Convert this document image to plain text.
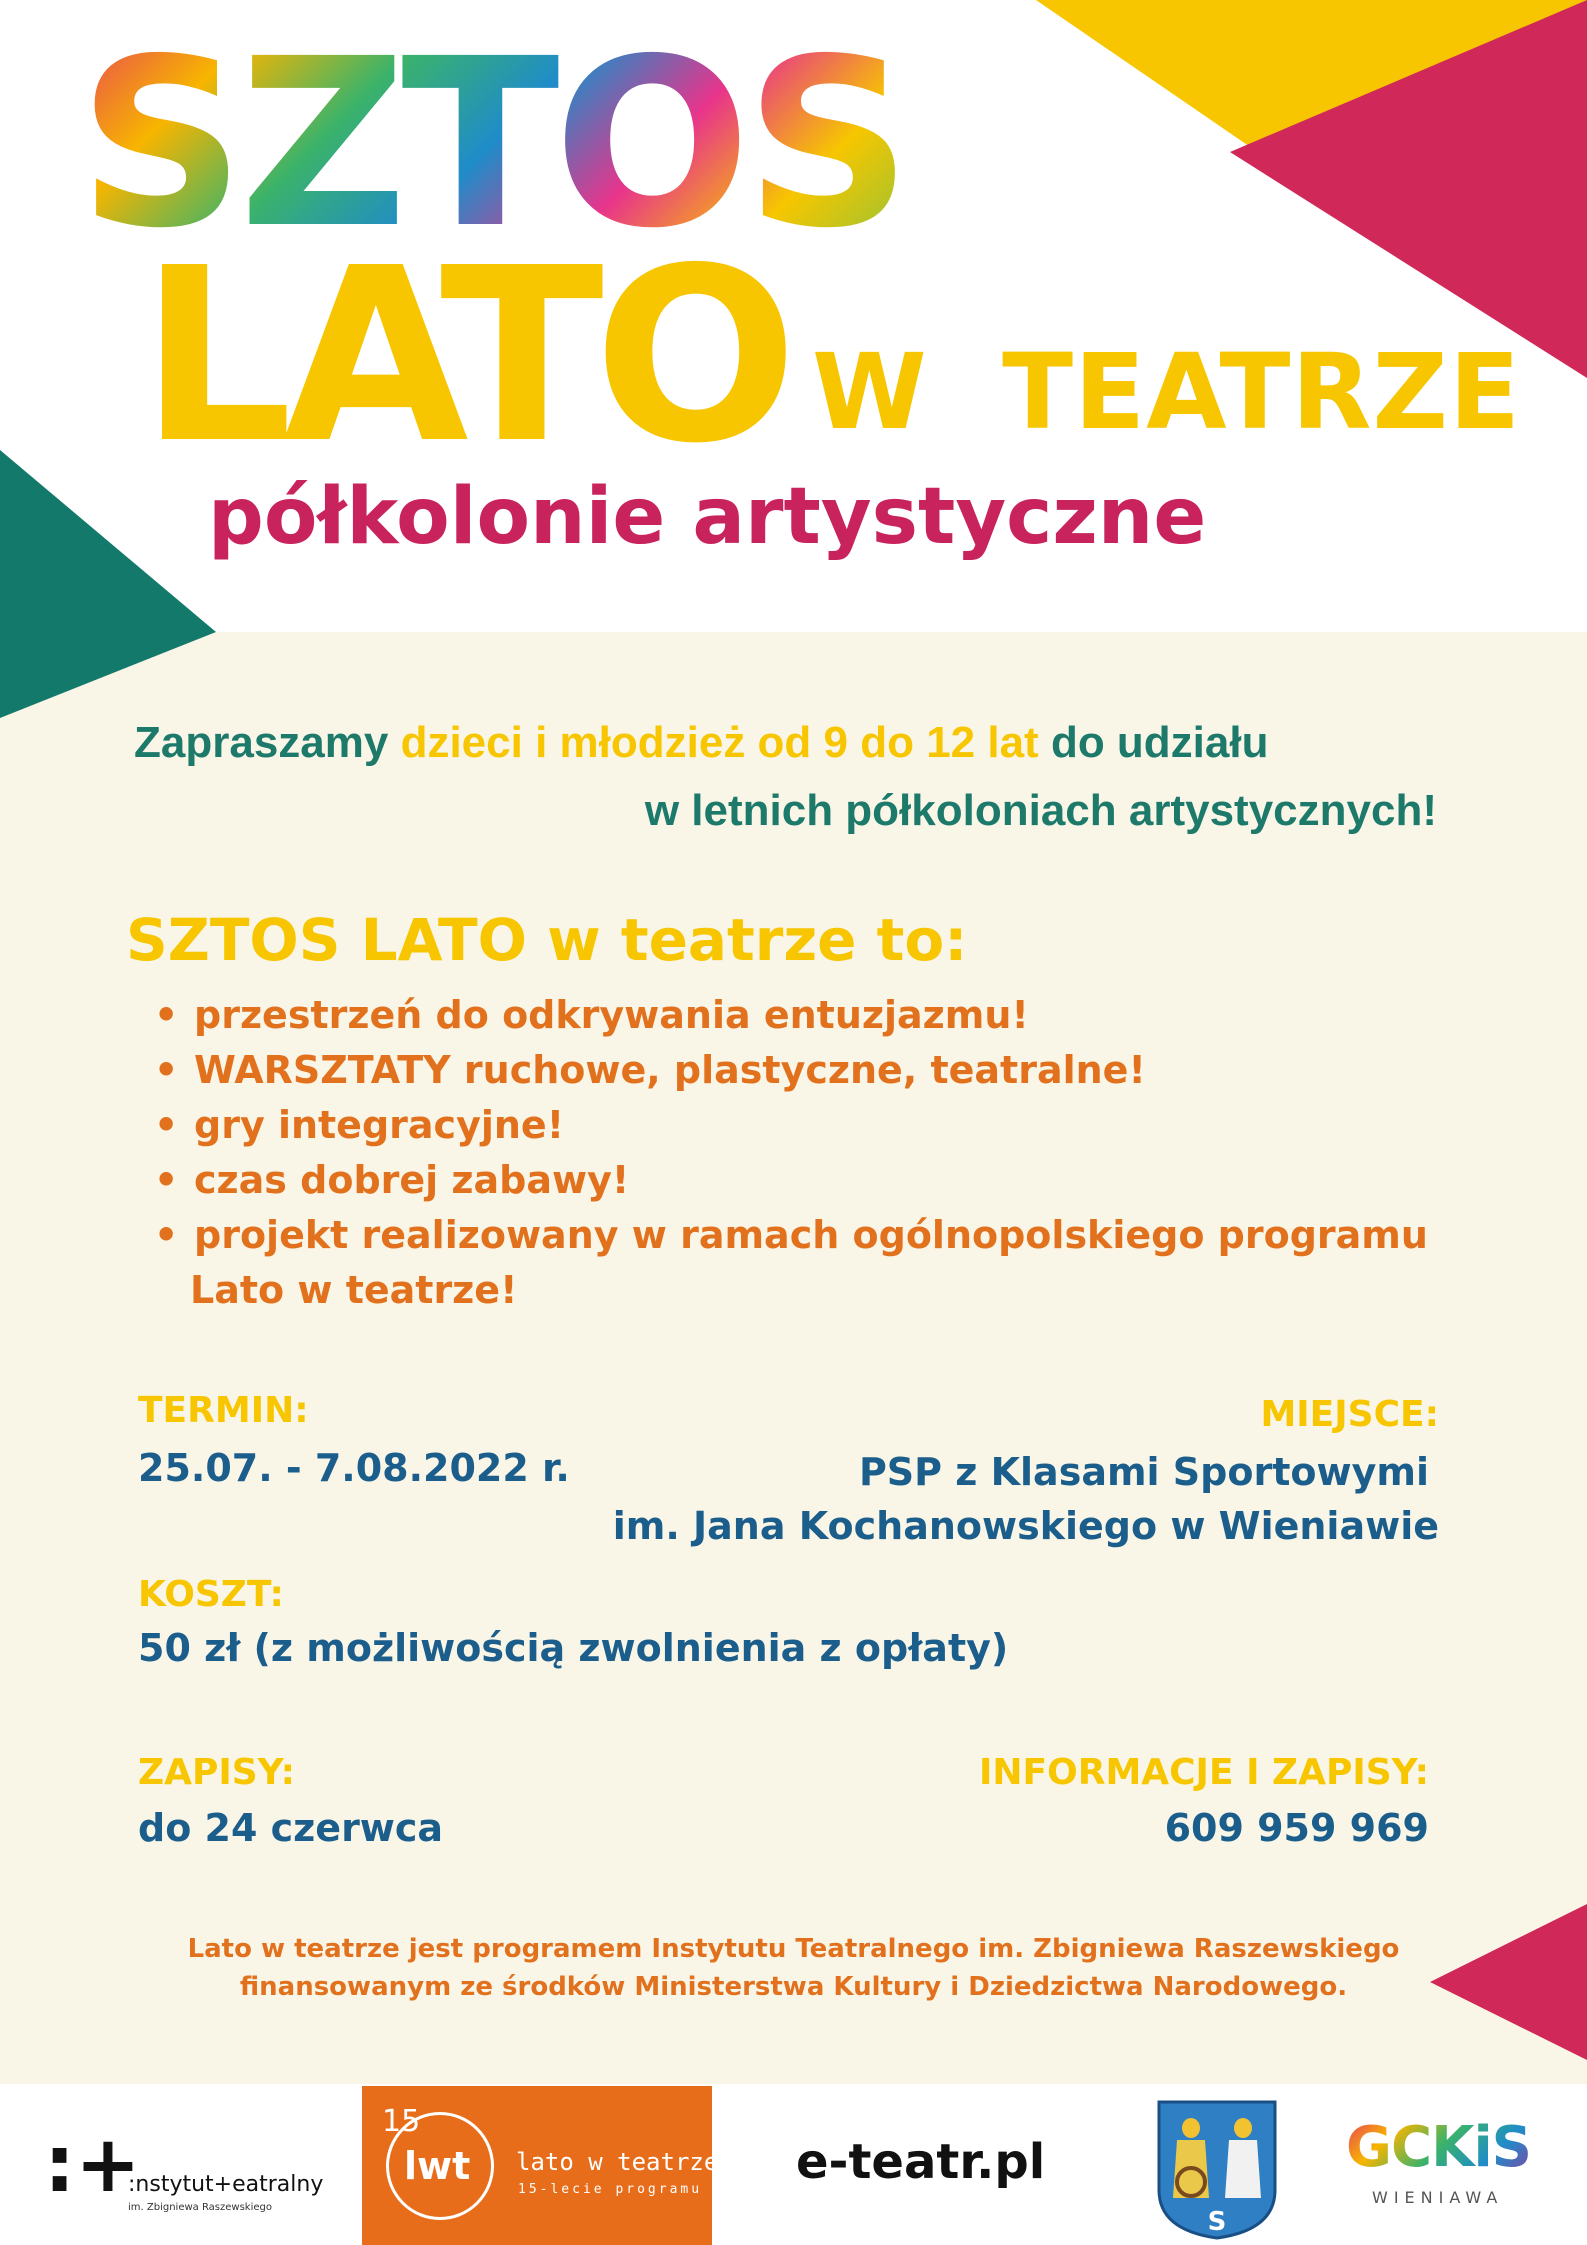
SZTOS
LATO W  TEATRZE
półkolonie artystyczne
Zapraszamy dzieci i młodzież od 9 do 12 lat do udziału
w letnich półkoloniach artystycznych!
SZTOS LATO w teatrze to:
• przestrzeń do odkrywania entuzjazmu!
• WARSZTATY ruchowe, plastyczne, teatralne!
• gry integracyjne!
• czas dobrej zabawy!
• projekt realizowany w ramach ogólnopolskiego programu
Lato w teatrze!
TERMIN:
25.07. - 7.08.2022 r.
MIEJSCE:
PSP z Klasami Sportowymi
im. Jana Kochanowskiego w Wieniawie
KOSZT:
50 zł (z możliwością zwolnienia z opłaty)
ZAPISY:
do 24 czerwca
INFORMACJE I ZAPISY:
609 959 969
Lato w teatrze jest programem Instytutu Teatralnego im. Zbigniewa Raszewskiego
finansowanym ze środków Ministerstwa Kultury i Dziedzictwa Narodowego.
:+
:nstytut+eatralny
im. Zbigniewa Raszewskiego
15
lwt lato w teatrze
15-lecie programu e-teatr.pl
S
GCKiS
WIENIAWA
